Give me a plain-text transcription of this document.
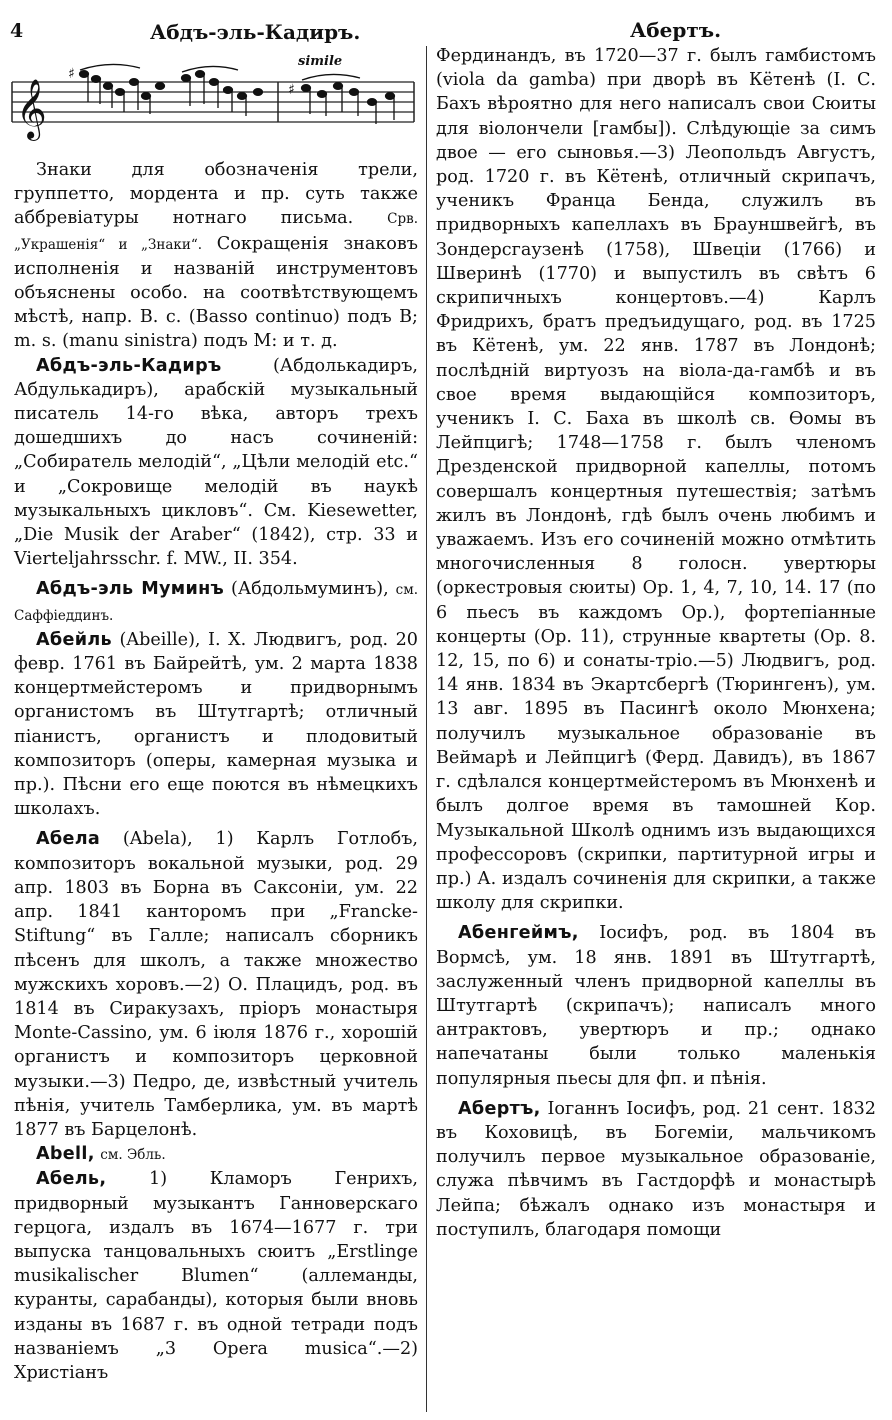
4	Абдъ-эль-Кадиръ.	Абертъ.
𝄞
♯
♯
simile

Знаки для обозначенія трели, группетто, мордента и пр. суть также аббревіатуры нотнаго письма.	Срв. „Украшенія“ и „Знаки“. Сокращенія знаковъ исполненія и названій инструментовъ объяснены особо. на соотвѣтствующемъ мѣстѣ, напр. B. c. (Basso continuo) подъ B; m. s. (manu sinistra) подъ M: и т. д.

Абдъ-эль-Кадиръ	(Абдолькадиръ, Абдулькадиръ), арабскій музыкальный писатель 14-го вѣка, авторъ трехъ дошедшихъ до насъ сочиненій: „Собиратель мелодій“, „Цѣли мелодій etc.“ и „Сокровище мелодій въ наукѣ музыкальныхъ цикловъ“. См. Kiesewetter, „Die Musik der Araber“ (1842), стр. 33 и Vierteljahrsschr. f. MW., II. 354.

Абдъ-эль Муминъ (Абдольмуминъ), см. Саффіеддинъ.

Абейль (Abeille), I. X. Людвигъ, род. 20 февр. 1761 въ Байрейтѣ, ум. 2 марта 1838 концертмейстеромъ и придворнымъ органистомъ въ Штутгартѣ; отличный піанистъ, органистъ и плодовитый композиторъ (оперы, камерная музыка и пр.). Пѣсни его еще поются въ нѣмецкихъ школахъ.

Абела (Abela), 1) Карлъ Готлобъ, композиторъ вокальной музыки, род. 29 апр. 1803 въ Борна въ Саксоніи, ум. 22 апр. 1841 канторомъ при „Francke-Stiftung“ въ Галле; написалъ сборникъ пѣсенъ для школъ, а также множество мужскихъ хоровъ.—2) О. Плацидъ, род. въ 1814 въ Сиракузахъ, пріоръ монастыря Monte-Cassino, ум. 6 іюля 1876 г., хорошій органистъ и композиторъ церковной музыки.—3) Педро, де, извѣстный учитель пѣнія, учитель Тамберлика, ум. въ мартѣ 1877 въ Барцелонѣ.

Abell, см. Эбль.

Абель, 1) Кламоръ Генрихъ, придворный музыкантъ Ганноверскаго герцога, издалъ въ 1674—1677 г. три выпуска танцовальныхъ сюитъ „Erstlinge musikalischer Blumen“ (аллеманды, куранты, сарабанды), которыя были вновь изданы въ 1687 г. въ одной тетради подъ названіемъ „3 Opera musica“.—2) Христіанъ

Фердинандъ, въ 1720—37 г. былъ гамбистомъ (viola da gamba) при дворѣ въ Кётенѣ (I. С. Бахъ вѣроятно для него написалъ свои Сюиты для віолончели [гамбы]). Слѣдующіе за симъ двое — его сыновья.—3) Леопольдъ Августъ, род. 1720 г. въ Кётенѣ, отличный скрипачъ, ученикъ Франца Бенда, служилъ въ придворныхъ капеллахъ въ Брауншвейгѣ, въ Зондерсгаузенѣ (1758), Швеціи (1766) и Шверинѣ (1770) и выпустилъ въ свѣтъ 6 скрипичныхъ концертовъ.—4) Карлъ Фридрихъ, братъ предъидущаго, род. въ 1725 въ Кётенѣ, ум. 22 янв. 1787 въ Лондонѣ; послѣдній виртуозъ на віола-да-гамбѣ и въ свое время выдающійся композиторъ, ученикъ I. С. Баха въ школѣ св. Ѳомы въ Лейпцигѣ; 1748—1758 г. былъ членомъ Дрезденской придворной капеллы, потомъ совершалъ концертныя путешествія; затѣмъ жилъ въ Лондонѣ, гдѣ былъ очень любимъ и уважаемъ. Изъ его сочиненій можно отмѣтить многочисленныя 8 голосн. увертюры (оркестровыя сюиты) Op. 1, 4, 7, 10, 14. 17 (по 6 пьесъ въ каждомъ Op.), фортепіанные концерты (Op. 11), струнные квартеты (Op. 8. 12, 15, по 6) и сонаты-тріо.—5) Людвигъ, род. 14 янв. 1834 въ Экартсбергѣ (Тюрингенъ), ум. 13 авг. 1895 въ Пасингѣ около Мюнхена; получилъ музыкальное образованіе въ Веймарѣ и Лейпцигѣ (Ферд. Давидъ), въ 1867 г. сдѣлался концертмейстеромъ въ Мюнхенѣ и былъ долгое время въ тамошней Кор. Музыкальной Школѣ однимъ изъ выдающихся профессоровъ (скрипки, партитурной игры и пр.) А. издалъ сочиненія для скрипки, а также школу для скрипки.

Абенгеймъ, Іосифъ, род. въ 1804 въ Вормсѣ, ум. 18 янв. 1891 въ Штутгартѣ, заслуженный членъ придворной капеллы въ Штутгартѣ (скрипачъ); написалъ много антрактовъ, увертюръ и пр.; однако напечатаны были только маленькія популярныя пьесы для фп. и пѣнія.

Абертъ, Іоганнъ Іосифъ, род. 21 сент. 1832 въ Коховицѣ, въ Богеміи, мальчикомъ получилъ первое музыкальное образованіе, служа пѣвчимъ въ Гастдорфѣ и монастырѣ Лейпа; бѣжалъ однако изъ монастыря и поступилъ, благодаря помощи
